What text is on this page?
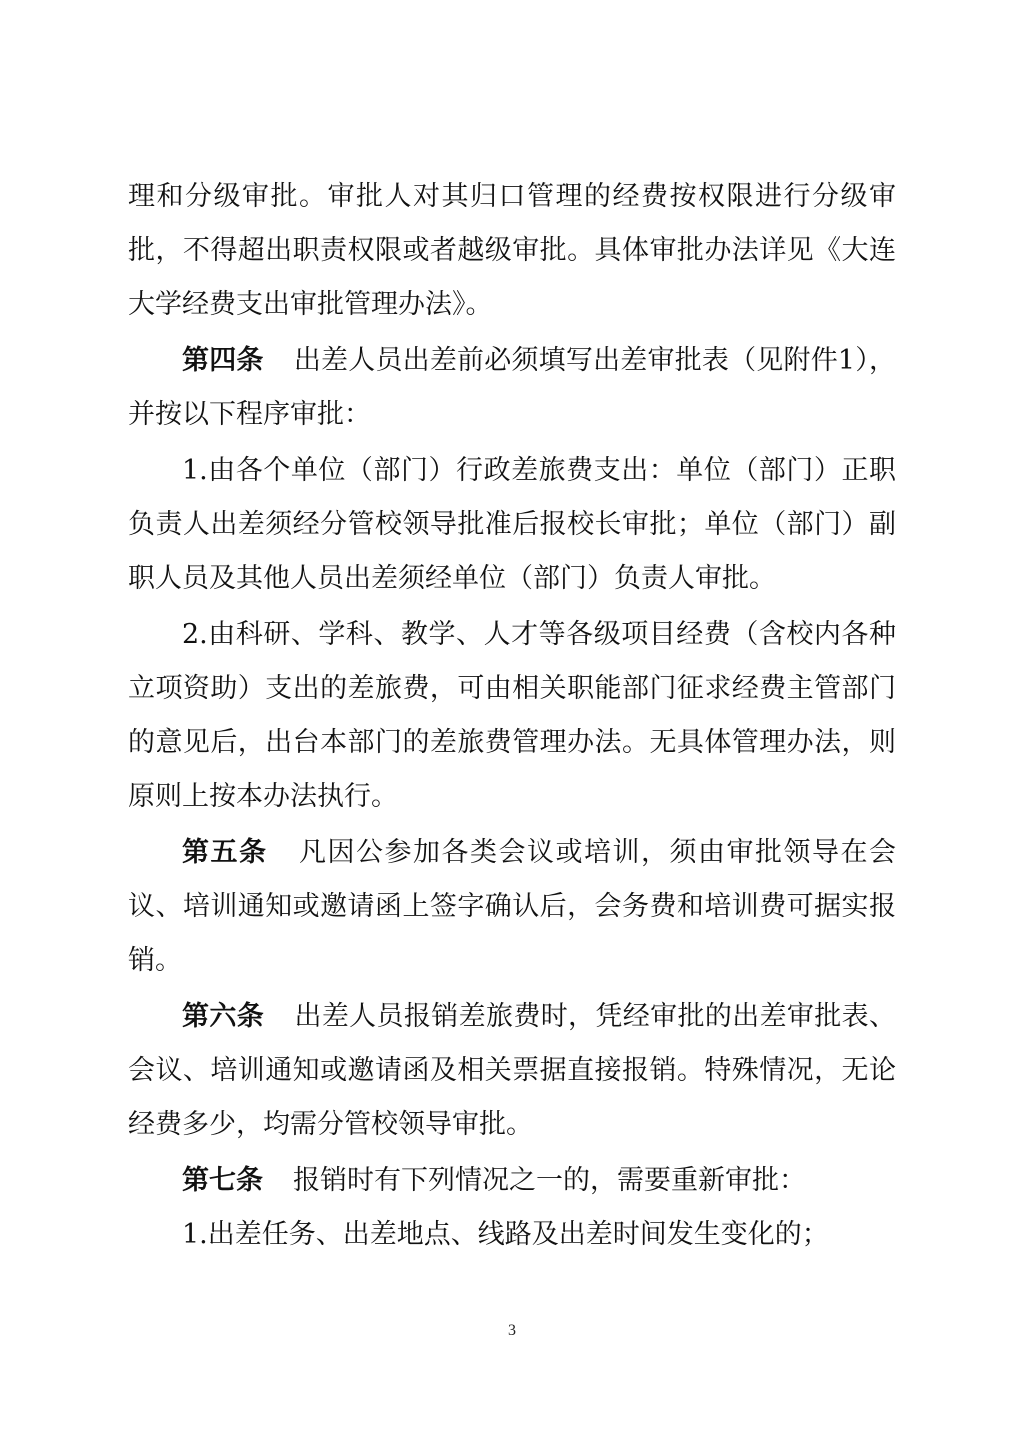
理和分级审批。审批人对其归口管理的经费按权限进行分级审
批，不得超出职责权限或者越级审批。具体审批办法详见《大连
大学经费支出审批管理办法》。
第四条 出差人员出差前必须填写出差审批表（见附件1），
并按以下程序审批：
1.由各个单位（部门）行政差旅费支出：单位（部门）正职
负责人出差须经分管校领导批准后报校长审批；单位（部门）副
职人员及其他人员出差须经单位（部门）负责人审批。
2.由科研、学科、教学、人才等各级项目经费（含校内各种
立项资助）支出的差旅费，可由相关职能部门征求经费主管部门
的意见后，出台本部门的差旅费管理办法。无具体管理办法，则
原则上按本办法执行。
第五条 凡因公参加各类会议或培训，须由审批领导在会
议、培训通知或邀请函上签字确认后，会务费和培训费可据实报
销。
第六条 出差人员报销差旅费时，凭经审批的出差审批表、
会议、培训通知或邀请函及相关票据直接报销。特殊情况，无论
经费多少，均需分管校领导审批。
第七条 报销时有下列情况之一的，需要重新审批：
1.出差任务、出差地点、线路及出差时间发生变化的；
3
